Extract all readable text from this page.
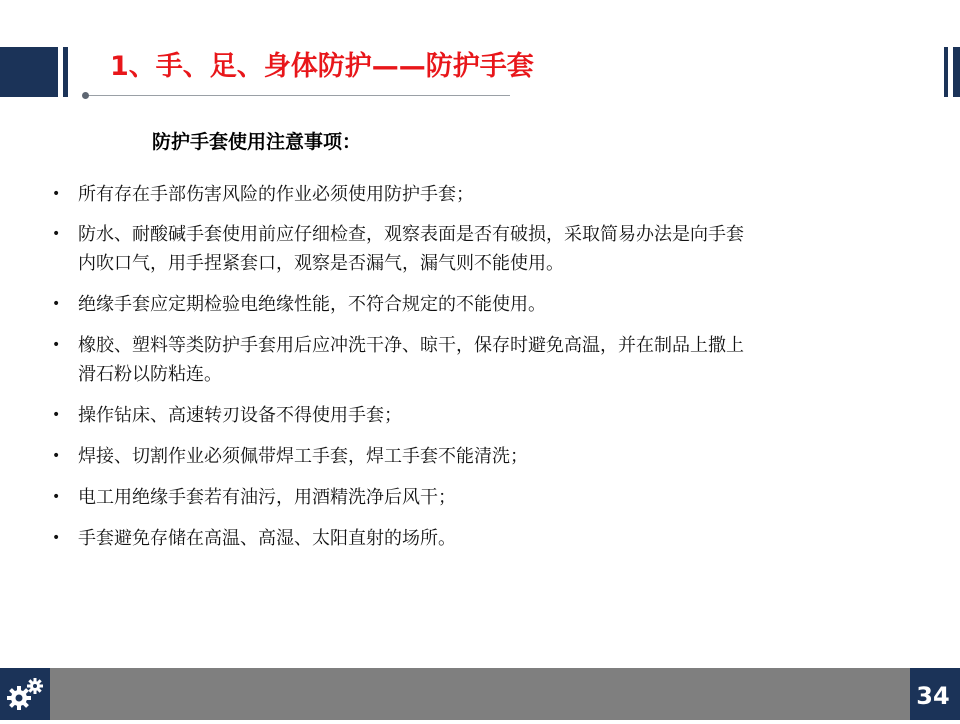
1、手、足、身体防护——防护手套
防护手套使用注意事项：
• 所有存在手部伤害风险的作业必须使用防护手套；
• 防水、耐酸碱手套使用前应仔细检查，观察表面是否有破损，采取简易办法是向手套
内吹口气，用手捏紧套口，观察是否漏气，漏气则不能使用。
• 绝缘手套应定期检验电绝缘性能，不符合规定的不能使用。
• 橡胶、塑料等类防护手套用后应冲洗干净、晾干，保存时避免高温，并在制品上撒上
滑石粉以防粘连。
• 操作钻床、高速转刃设备不得使用手套；
• 焊接、切割作业必须佩带焊工手套，焊工手套不能清洗；
• 电工用绝缘手套若有油污，用酒精洗净后风干；
• 手套避免存储在高温、高湿、太阳直射的场所。
34
